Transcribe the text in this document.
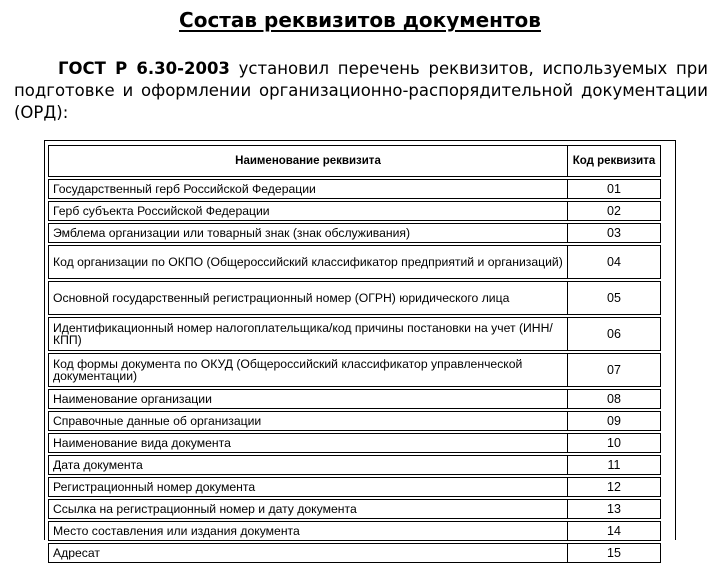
Состав реквизитов документов
ГОСТ Р 6.30-2003 установил перечень реквизитов, используемых при подготовке и оформлении организационно-распорядительной документации (ОРД):
Наименование реквизита	Код реквизита
Государственный герб Российской Федерации	01
Герб субъекта Российской Федерации	02
Эмблема организации или товарный знак (знак обслуживания)	03
Код организации по ОКПО (Общероссийский классификатор предприятий и организаций)	04
Основной государственный регистрационный номер (ОГРН) юридического лица	05
Идентификационный номер налогоплательщика/код причины постановки на учет (ИНН/КПП)	06
Код формы документа по ОКУД (Общероссийский классификатор управленческой документации)	07
Наименование организации	08
Справочные данные об организации	09
Наименование вида документа	10
Дата документа	11
Регистрационный номер документа	12
Ссылка на регистрационный номер и дату документа	13
Место составления или издания документа	14
Адресат	15
